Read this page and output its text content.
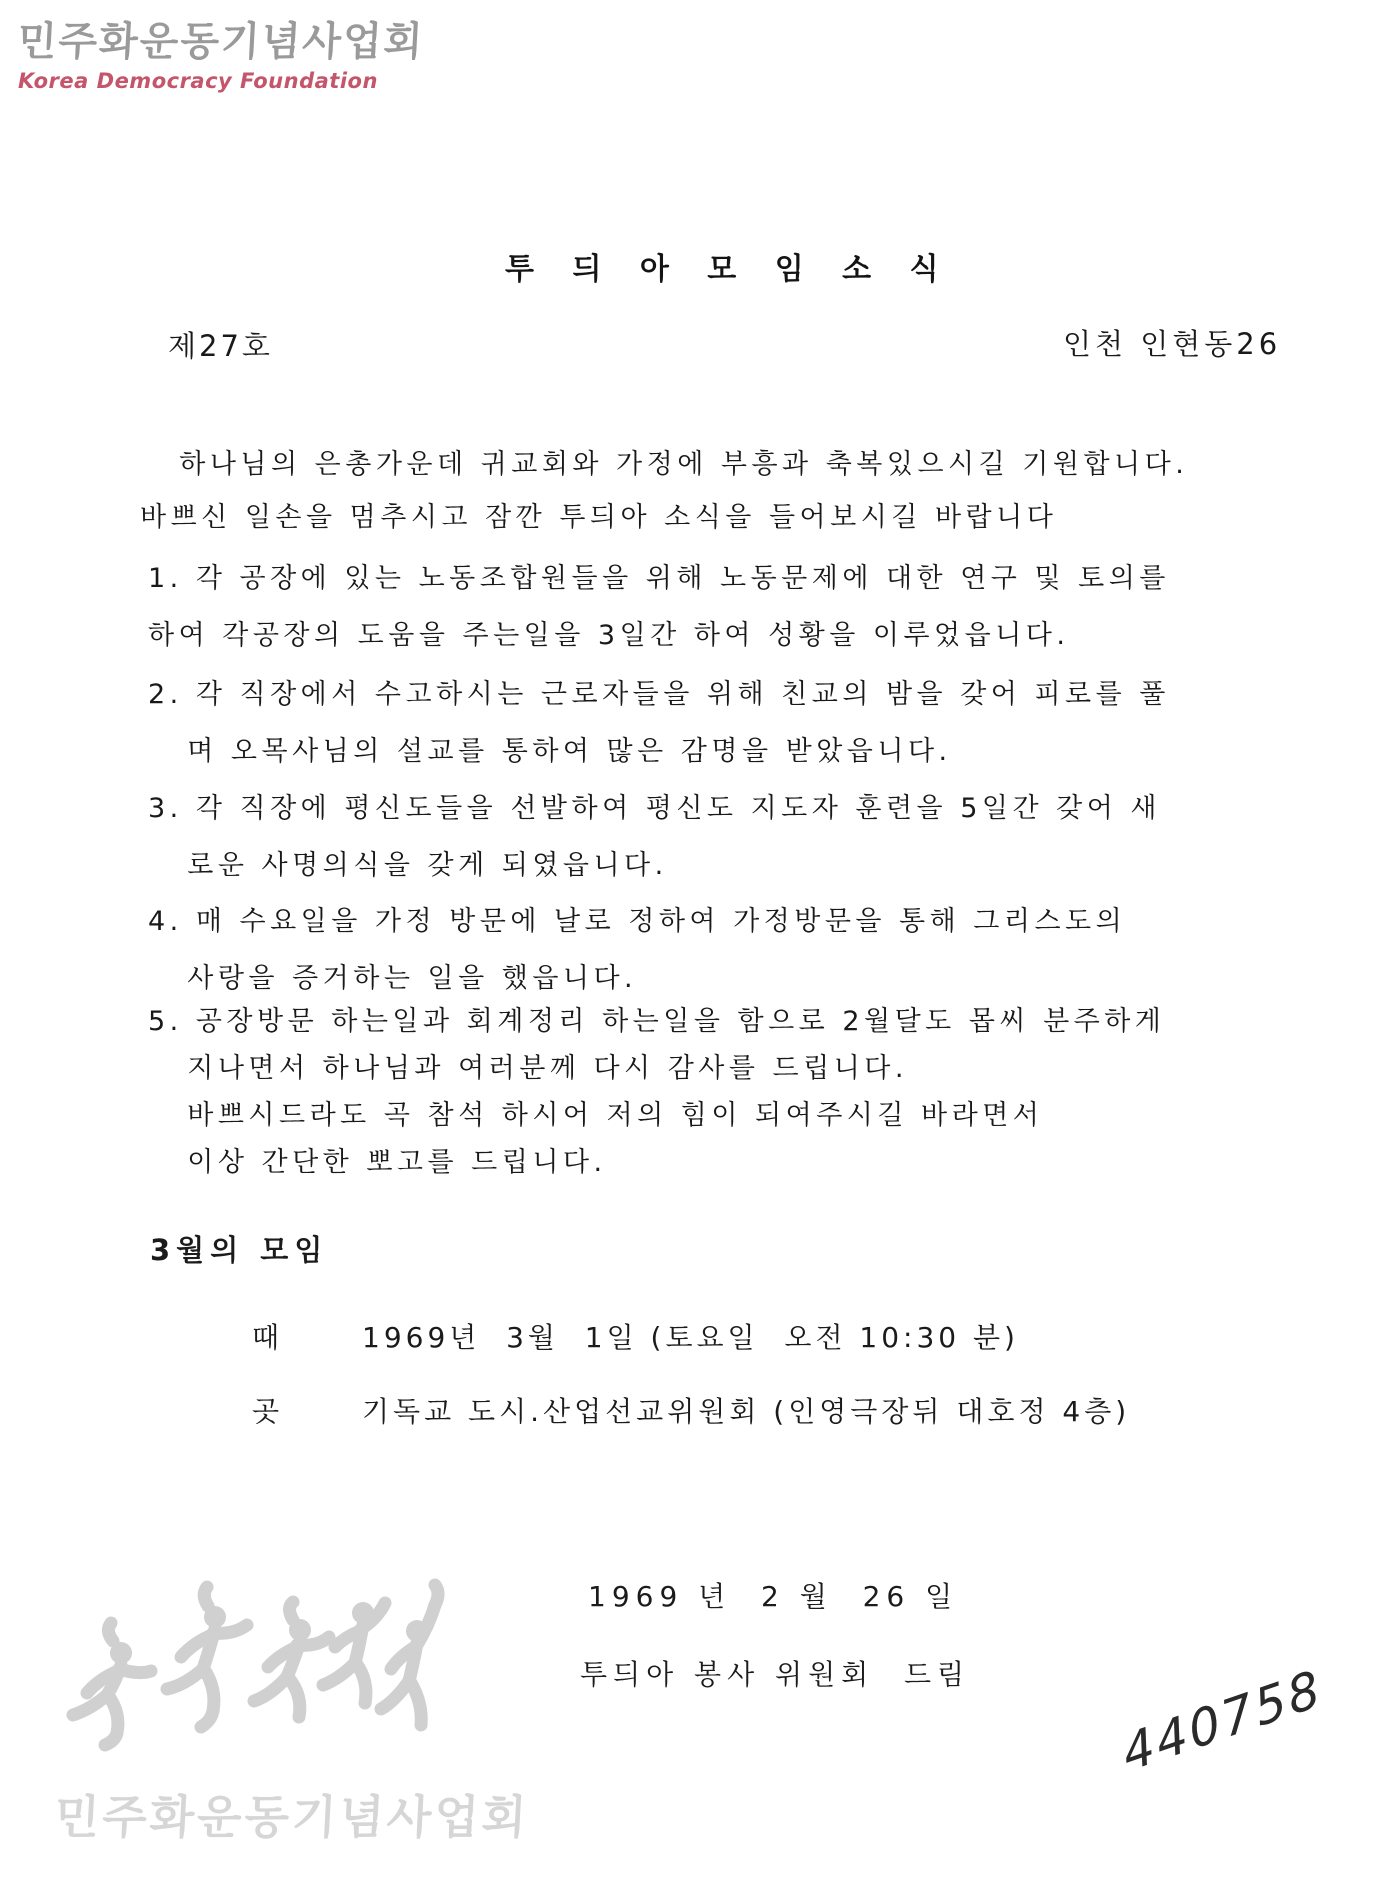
민주화운동기념사업회
Korea Democracy Foundation
투 듸 아 모 임 소 식
제27호	인천 인현동26
하나님의 은총가운데 귀교회와 가정에 부흥과 축복있으시길 기원합니다.
바쁘신 일손을 멈추시고 잠깐 투듸아 소식을 들어보시길 바랍니다
1. 각 공장에 있는 노동조합원들을 위해 노동문제에 대한 연구 및 토의를
하여 각공장의 도움을 주는일을 3일간 하여 성황을 이루었읍니다.
2. 각 직장에서 수고하시는 근로자들을 위해 친교의 밤을 갖어 피로를 풀
며 오목사님의 설교를 통하여 많은 감명을 받았읍니다.
3. 각 직장에 평신도들을 선발하여 평신도 지도자 훈련을 5일간 갖어 새
로운 사명의식을 갖게 되였읍니다.
4. 매 수요일을 가정 방문에 날로 정하여 가정방문을 통해 그리스도의
사랑을 증거하는 일을 했읍니다.
5. 공장방문 하는일과 회계정리 하는일을 함으로 2월달도 몹씨 분주하게
지나면서 하나님과 여러분께 다시 감사를 드립니다.
바쁘시드라도 곡 참석 하시어 저의 힘이 되여주시길 바라면서
이상 간단한 뽀고를 드립니다.
3월의 모임
때	1969년  3월  1일 (토요일  오전 10:30 분)
곳	기독교 도시.산업선교위원회 (인영극장뒤 대호정 4층)
1969 년  2 월  26 일
투듸아 봉사 위원회  드림	440758
민주화운동기념사업회
